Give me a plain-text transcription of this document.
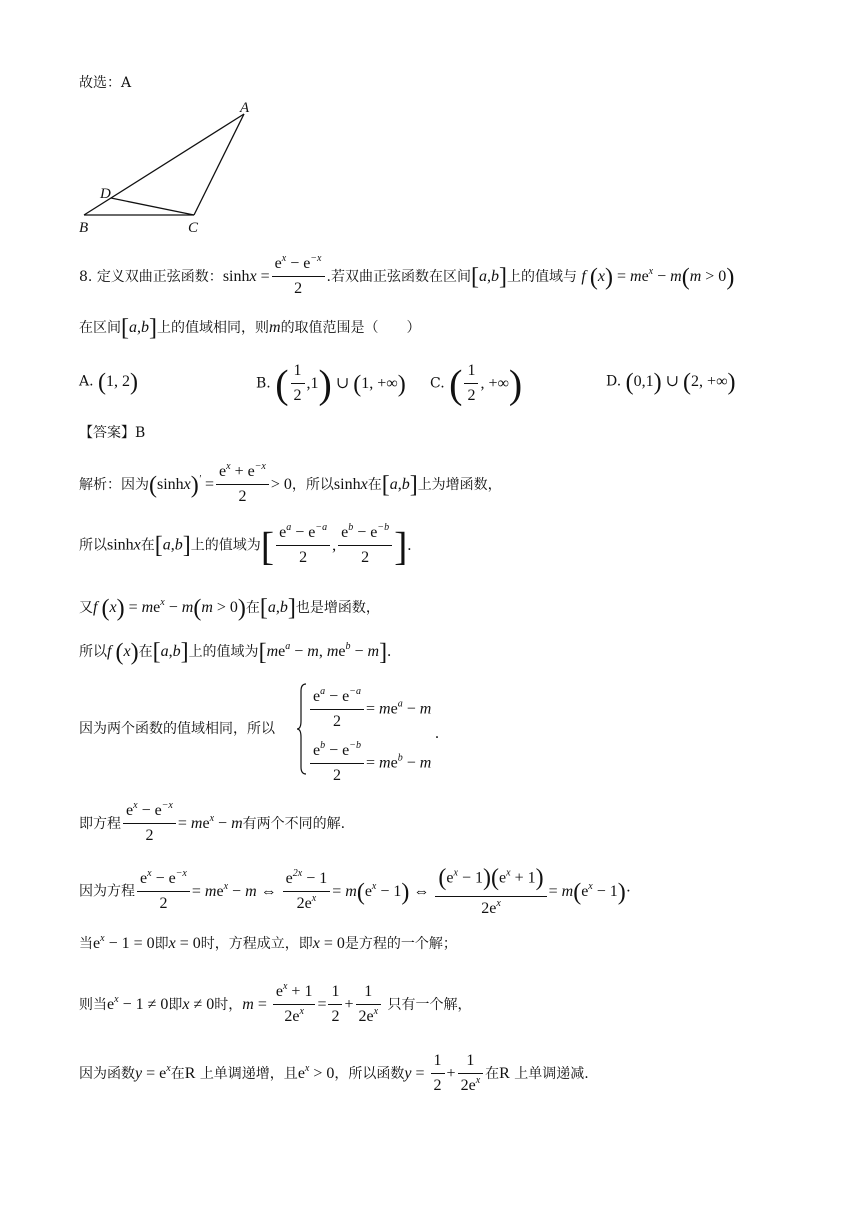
故选：A
A
D
B	C
8. 定义双曲正弦函数：$\sinh x = \frac{e^x - e^{-x}}{2}$ .若双曲正弦函数在区间[a,b]上的值域与 f $(x) = me^x - m(m > 0)$
在区间[a,b]上的值域相同，则m的取值范围是（　　）
A. (1, 2)	B. ( $\frac{1}{2} ,1$) ∪ (1, +∞) C. ( $\frac{1}{2}$ , +∞)	D. (0,1) ∪ (2, +∞)
【答案】B
解析：因为$(\sinh x)' = \frac{e^x + e^{-x}}{2} > 0$，所以sinhx在[a,b]上为增函数，
所以sinhx在[a,b]上的值域为[ $\frac{e^a - e^{-a}}{2}$ , $\frac{e^b - e^{-b}}{2}$ ].
又f $(x) = me^x - m(m > 0)$在[a,b]也是增函数，
所以f (x)在[a,b]上的值域为[$me^a - m$, $me^b - m$].
因为两个函数的值域相同，所以 $\frac{e^a - e^{-a}}{2} = me^a - m$
$\frac{e^b - e^{-b}}{2} = me^b - m$
.
即方程 $\frac{e^x - e^{-x}}{2} = me^x - m$有两个不同的解.
因为方程 $\frac{e^x - e^{-x}}{2} = me^x - m$ ⇔ $\frac{e^{2x} - 1}{2e^x} = m(e^x - 1)$ ⇔ $\frac{(e^x - 1)(e^x + 1)}{2e^x} = m(e^x - 1)\cdot$
当$e^x - 1 = 0$即x = 0时，方程成立，即x = 0是方程的一个解；
则当$e^x - 1 \ne 0$即x ≠ 0时，$m = \frac{e^x + 1}{2e^x} = \frac{1}{2} + \frac{1}{2e^x}$ 只有一个解，
因为函数$y = e^x$在R 上单调递增，且$e^x > 0$，所以函数$y = \frac{1}{2} + \frac{1}{2e^x}$ 在R 上单调递减.
